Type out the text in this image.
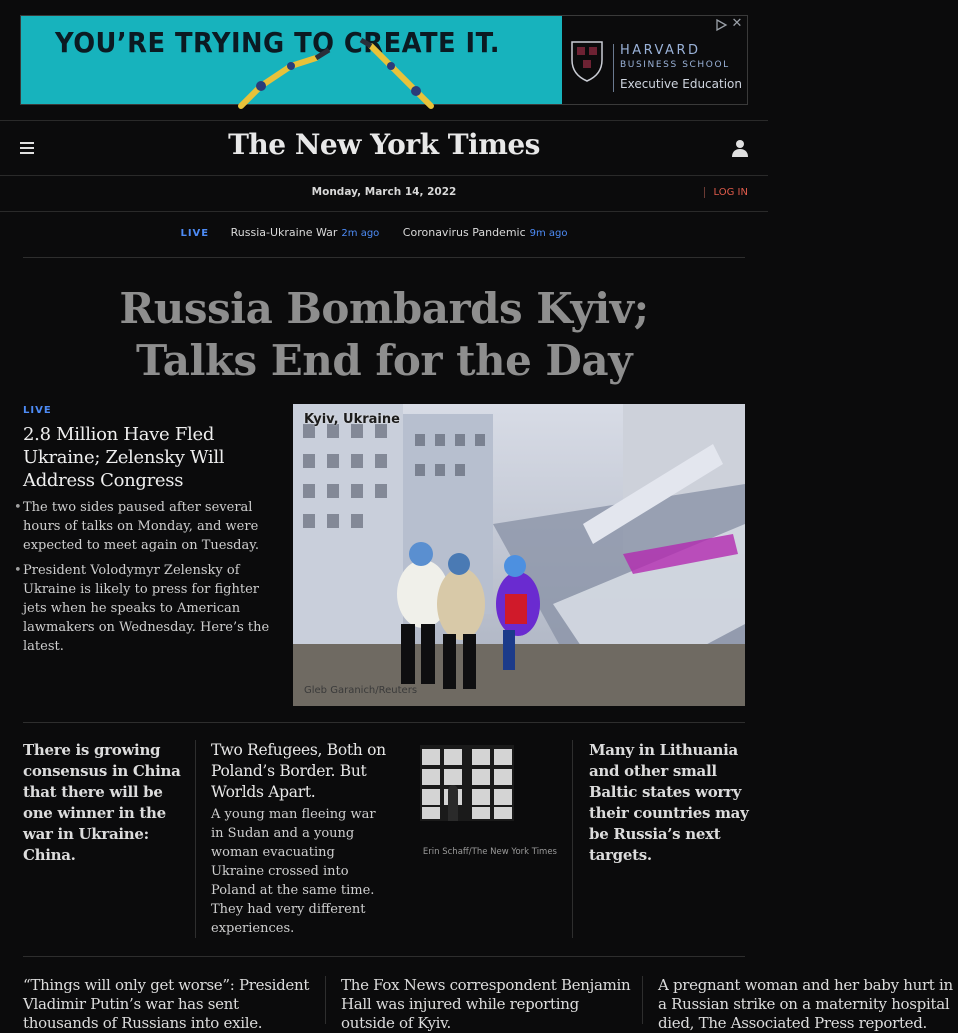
YOU’RE TRYING TO CREATE IT.	HARVARD
BUSINESS SCHOOL
Executive Education
✕
The New York Times
Monday, March 14, 2022	LOG IN
LIVE Russia-Ukraine War 2m ago Coronavirus Pandemic 9m ago
Russia Bombards Kyiv;
Talks End for the Day
LIVE
2.8 Million Have Fled Ukraine; Zelensky Will Address Congress
• The two sides paused after several hours of talks on Monday, and were expected to meet again on Tuesday.
• President Volodymyr Zelensky of Ukraine is likely to press for fighter jets when he speaks to American lawmakers on Wednesday. Here’s the latest.
Kyiv, Ukraine
Gleb Garanich/Reuters
There is growing consensus in China that there will be one winner in the war in Ukraine: China.
Two Refugees, Both on Poland’s Border. But Worlds Apart.
A young man fleeing war in Sudan and a young woman evacuating Ukraine crossed into Poland at the same time. They had very different experiences.
Erin Schaff/The New York Times
Many in Lithuania and other small Baltic states worry their countries may be Russia’s next targets.
“Things will only get worse”: President Vladimir Putin’s war has sent thousands of Russians into exile.
The Fox News correspondent Benjamin Hall was injured while reporting outside of Kyiv.
A pregnant woman and her baby hurt in a Russian strike on a maternity hospital died, The Associated Press reported.
